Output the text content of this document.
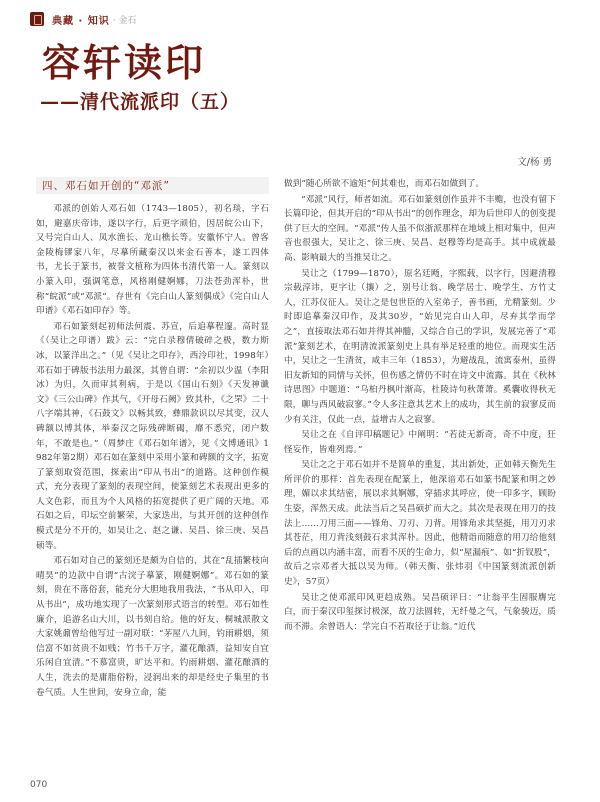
典藏 · 知识 · 金石
容轩读印
——清代流派印（五）
文/杨 勇
四、邓石如开创的“邓派”

邓派的创始人邓石如（1743—1805），初名琰，字石如，避嘉庆帝讳，遂以字行，后更字顽伯，因居皖公山下，又号完白山人、凤水渔长、龙山樵长等。安徽怀宁人。曾客金陵梅镠家八年，尽摹所藏秦汉以来金石善本，遂工四体书，尤长于篆书，被誉文植称为四体书清代第一人。篆刻以小篆入印，强调笔意，风格刚健婀娜，刀法苍劲浑朴，世称“皖派”或“邓派”。存世有《完白山人篆刻偶成》《完白山人印谱》《邓石如印存》等。

邓石如篆刻起初师法何震、苏宣，后追摹程邃。高时显《（吴让之印谱）跋》云：“完白录穆倩破碎之极，数力斯冰，以篆洋出之。”（见《吴让之印存》，西泠印社，1998年）邓石如于碑版书法用力最深，其曾自谓：“余初以少温（李阳冰）为归，久而审其利病，于是以《国山石刻》《天发神谶文》《三公山碑》作其气，《开母石阙》致其朴，《之罘》二十八字端其神，《石鼓文》以畅其致，彝鼎款识以尽其变，汉人碑额以博其体，举秦汉之际残碑断碣，靡不悉究，闭户数年，不敢是也。”（周梦庄《邓石如年谱》，见《文博通讯》1982年第2期）邓石如在篆刻中采用小篆和碑额的文字，拓宽了篆刻取资范围，探索出“印从书出”的道路。这种创作模式，充分表现了篆刻的表现空间，使篆刻艺术表现出更多的人文色彩，而且为个人风格的拓宽提供了更广阔的天地。邓石如之后，印坛空前繁荣，大家迭出，与其开创的这种创作模式是分不开的，如吴让之、赵之谦、吴昌、徐三庚、吴昌硕等。

邓石如对自己的篆刻还是颇为自信的，其在“乱插繁枝向晴昊”的边款中自谓“古浣子摹篆，刚健婀娜”。邓石如的篆刻，贵在不落俗套，能充分大胆地我用我法，“书从印入，印从书出”，成功地实现了一次篆刻形式语言的转型。邓石如性廉介，追游名山大川，以书刻自给。他的好友、桐城派散文大家姚鼐曾给他写过一副对联：“茅屋八九间，钓雨耕烟，须信富不如贫贵不如贱；竹书千万字，灌花酿酒，益知安自宜乐闲自宜清。”不慕富贵，旷达平和。钓雨耕烟、灌花酿酒的人生，洗去的是庸脂俗粉，浸润出来的却是经史子集里的书卷气质。人生世间，安身立命，能

做到“随心所欲不逾矩”何其难也，而邓石如做到了。

“邓派”风行，师者如流。邓石如篆刻创作虽并不丰赡，也没有留下长篇印论，但其开启的“印从书出”的创作理念，却为后世印人的创变提供了巨大的空间。“邓派”传人虽不似浙派那样在地域上相对集中，但声音也很强大，吴让之、徐三庚、吴昌、赵穆等均是高手。其中成就最高、影响最大的当推吴让之。

吴让之（1799—1870），原名廷飏，字熙载，以字行，因避清穆宗载淳讳，更字让（攘）之，别号让翁、晚学居士、晚学生、方竹丈人，江苏仪征人。吴让之是包世臣的入室弟子，善书画，尤精篆刻。少时即追摹秦汉印作，及其30岁，“始见完白山人印，尽弃其学而学之”，直接取法邓石如并得其神髓，又综合自己的学识，发展完善了“邓派”篆刻艺术，在明清流派篆刻史上具有举足轻重的地位。而现实生活中，吴让之一生清贫，咸丰三年（1853），为避战乱，流寓泰州，虽得旧友新知的同情与关怀，但伤感之情仍不时在诗文中流露。其在《秋林诗思图》中题道：“乌桕丹枫叶渐高，杜陵诗句秋萧萧。奚囊收得秋无限，聊与西风破寂寥。”令人多注意其艺术上的成功，其生前的寂寥反而少有关注，仅此一点，益增古人之寂寥。

吴让之在《自评印稿题记》中阐明：“若徒无新奇，奇不中度，狂怪妄作，皆难列焉。”

吴让之之于邓石如并不是简单的重复，其出新处，正如韩天衡先生所评价的那样：首先表现在配篆上，他深谙邓石如篆书配篆和明之妙理，媚以求其结密，展以求其婀娜，穿插求其呼应，使一印多字，顾盼生姿，浑然天成。此法当后之吴昌硕扩而大之。其次是表现在用刀的技法上……刀用三面——锋角、刀刃、刀背。用锋角求其坚挺，用刀刃求其苍茫，用刀背浅刻鼓石求其浑朴。因此，他精诣而随意的用刀给他刻后的点画以内涵丰富，而看不厌的生命力，似“屋漏痕”、如“折钗股”，故后之宗邓者大抵以吴为师。（韩天衡、张炜羽《中国篆刻流派创新史》，57页）

吴让之使邓派印风更趋成熟。吴昌硕评曰：“让翁平生固服膺完白，而于秦汉印玺探讨极深，故刀法圆转，无纤曼之气，气象骏迈，质而不滞。余曾语人：学完白不若取径于让翁。”近代

070
